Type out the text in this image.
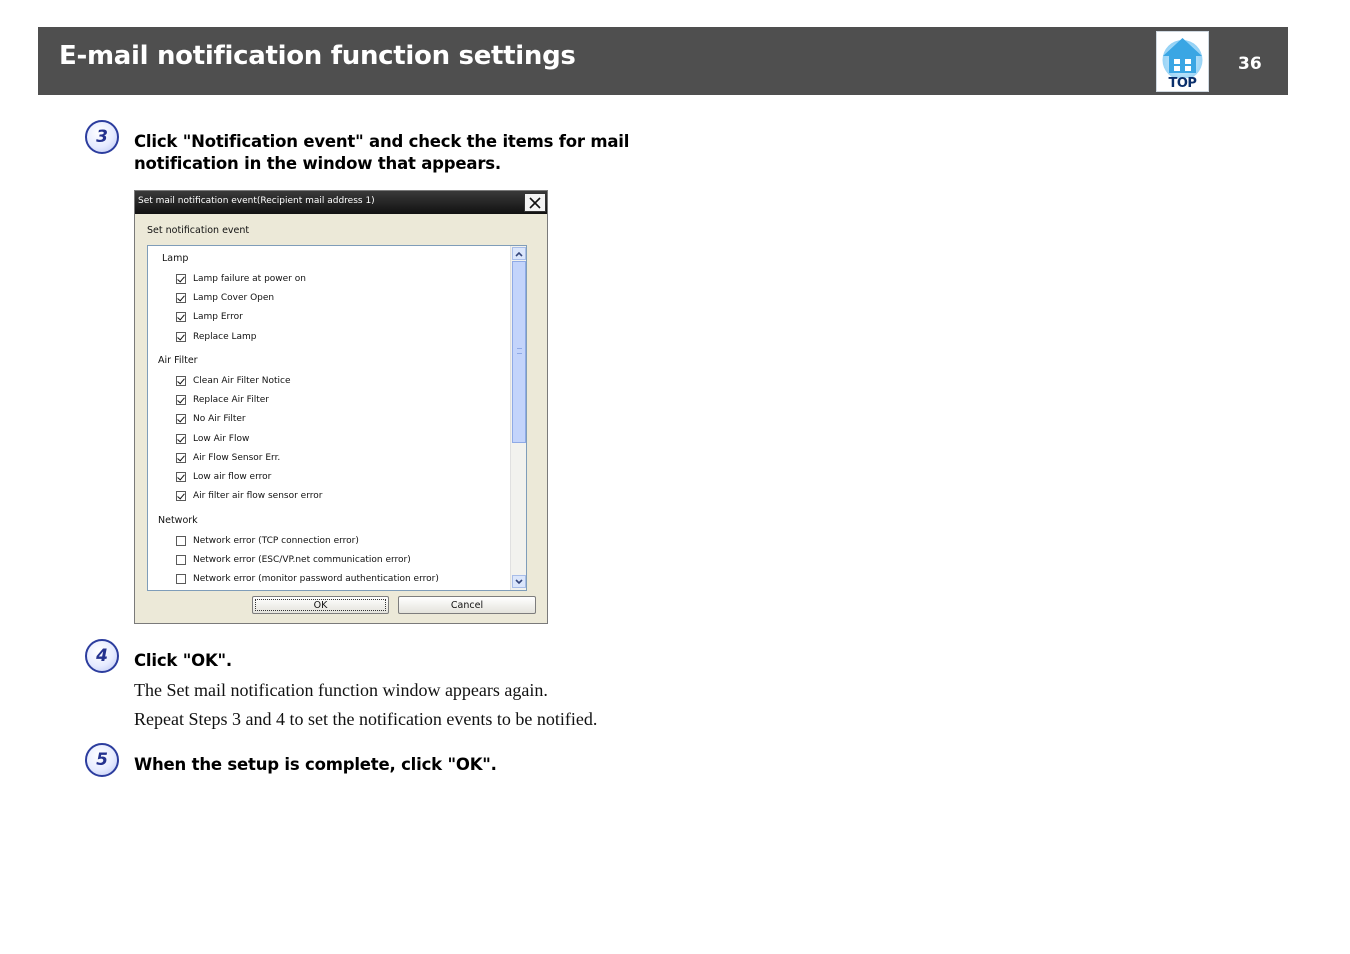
E-mail notification function settings
TOP
36
3 Click "Notification event" and check the items for mail
notification in the window that appears.
Set mail notification event(Recipient mail address 1)
Set notification event
Lamp
Lamp failure at power on
Lamp Cover Open
Lamp Error
Replace Lamp
Air Filter
Clean Air Filter Notice
Replace Air Filter
No Air Filter
Low Air Flow
Air Flow Sensor Err.
Low air flow error
Air filter air flow sensor error
Network
Network error (TCP connection error)
Network error (ESC/VP.net communication error)
Network error (monitor password authentication error)
OK	Cancel
4 Click "OK".
The Set mail notification function window appears again.
Repeat Steps 3 and 4 to set the notification events to be notified.
5 When the setup is complete, click "OK".
